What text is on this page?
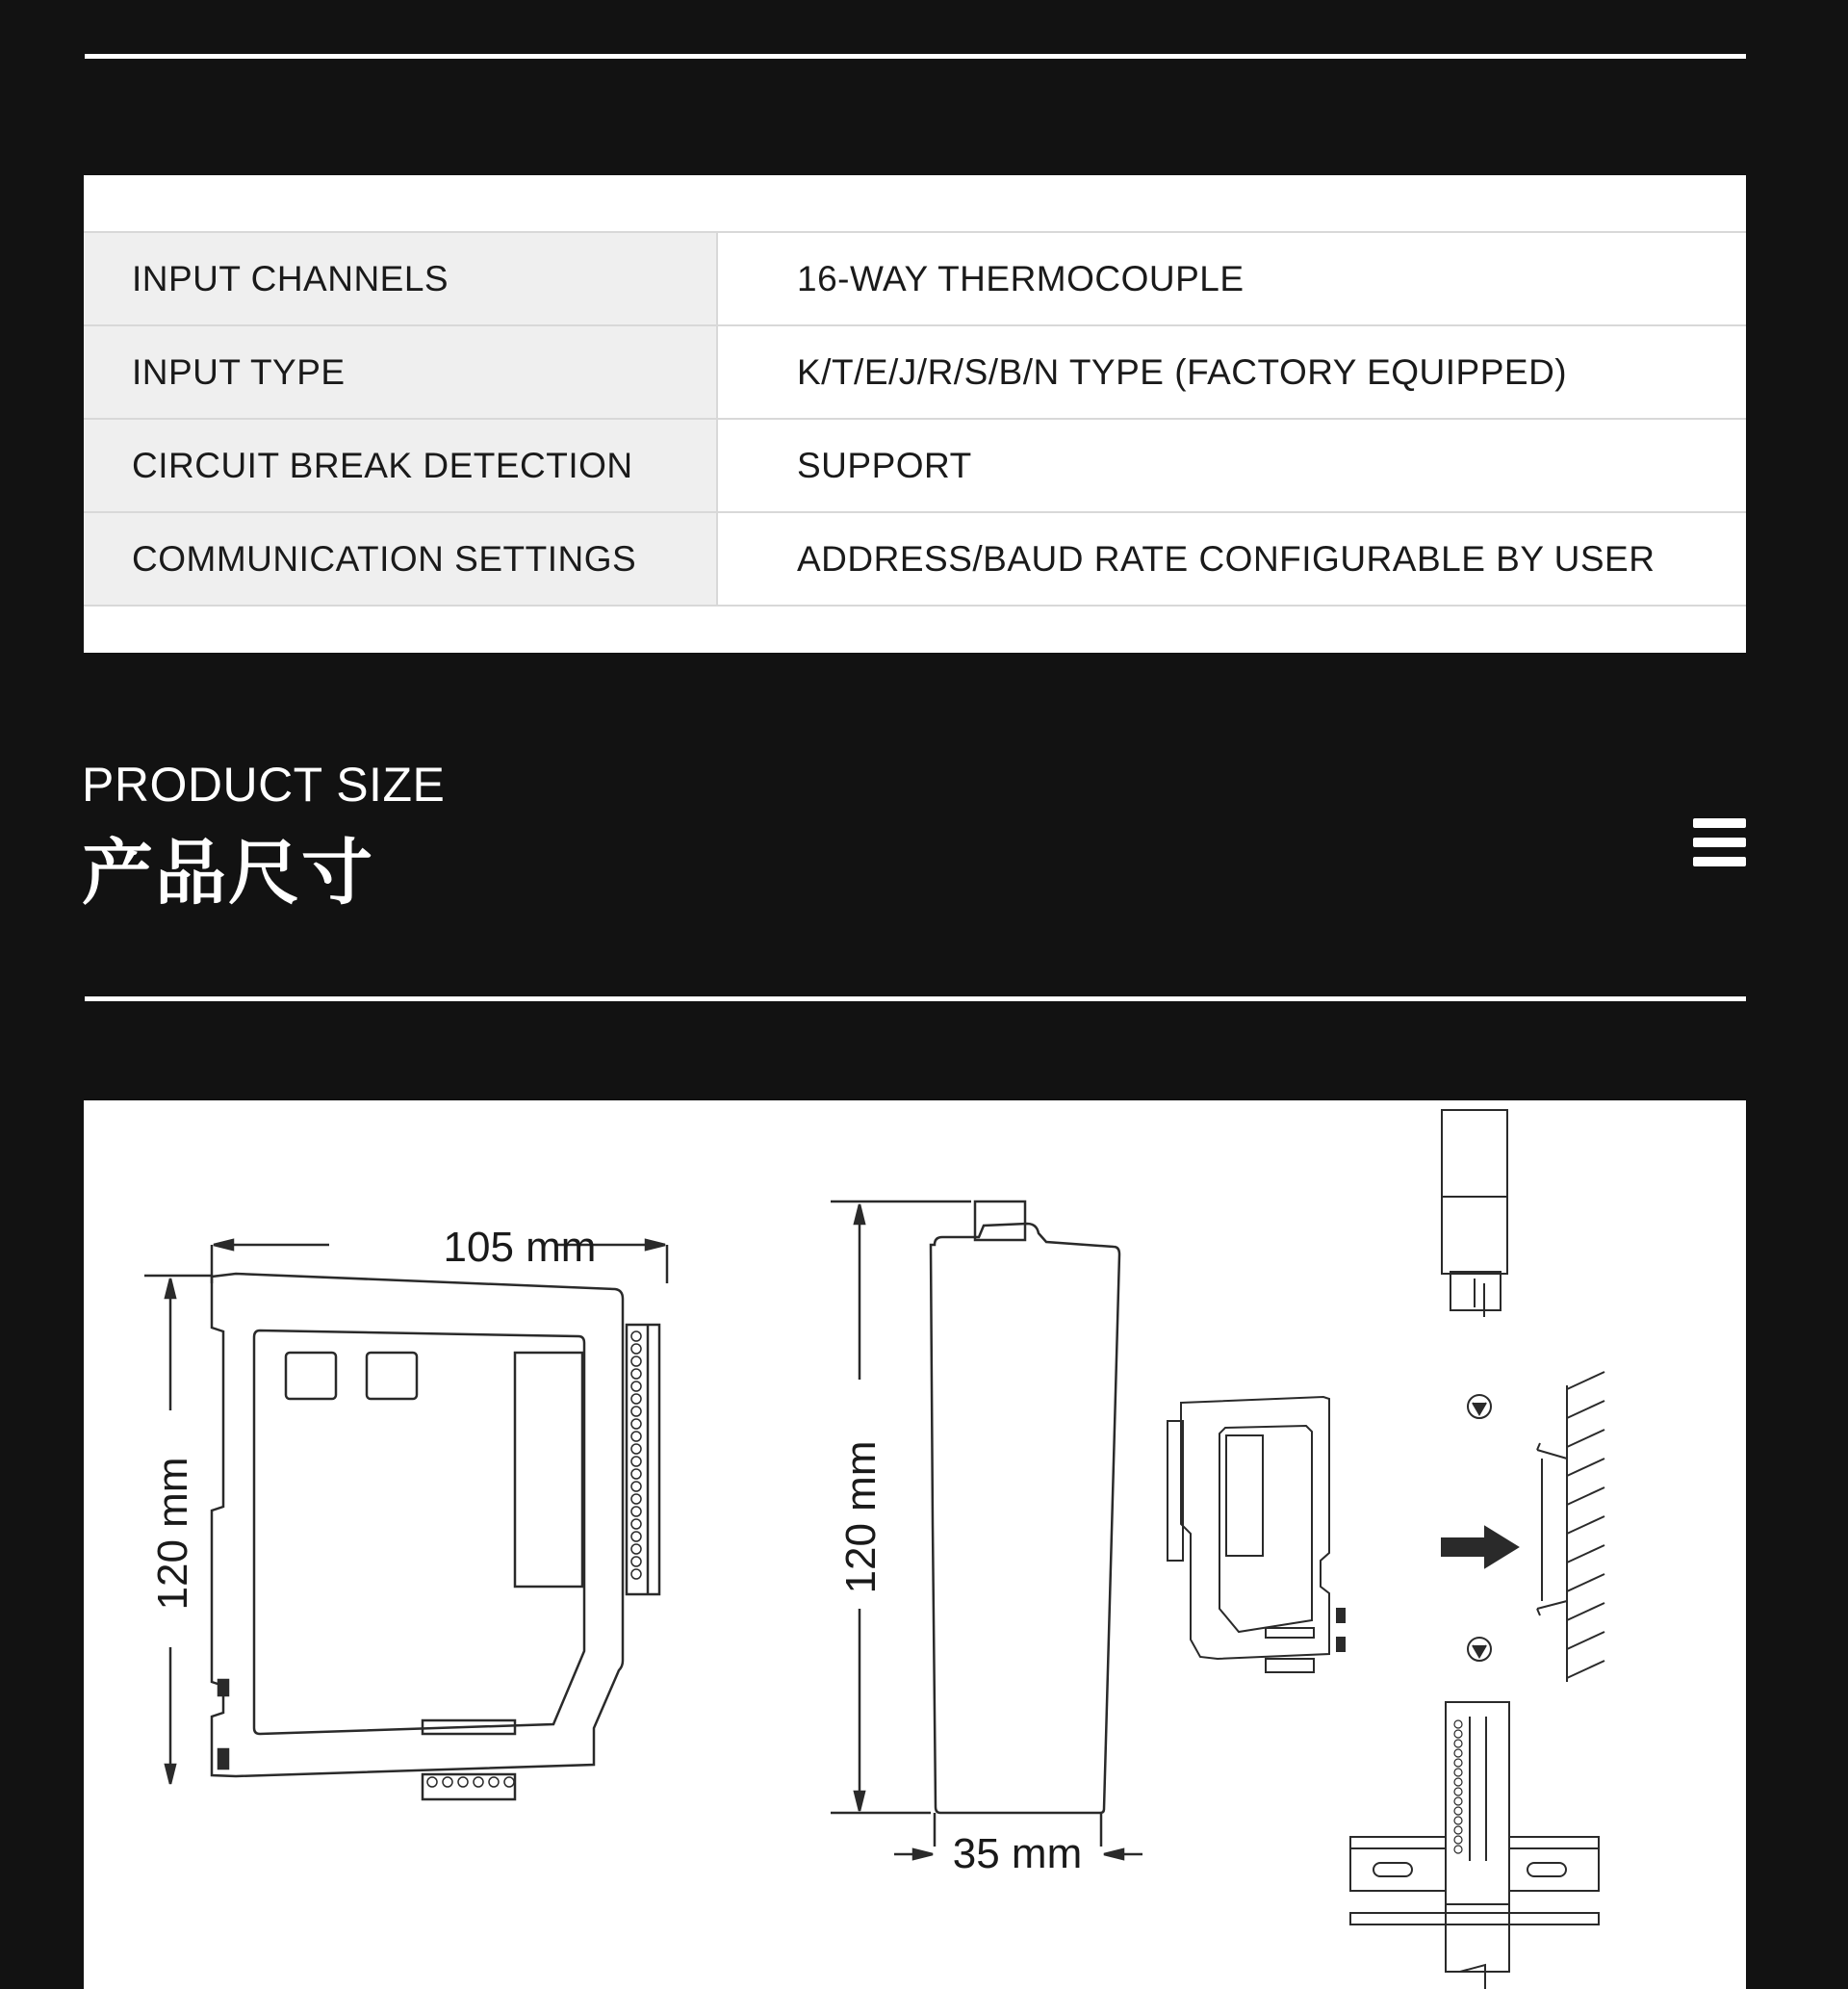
INPUT CHANNELS	16-WAY THERMOCOUPLE
INPUT TYPE	K/T/E/J/R/S/B/N TYPE (FACTORY EQUIPPED)
CIRCUIT BREAK DETECTION	SUPPORT
COMMUNICATION SETTINGS	ADDRESS/BAUD RATE CONFIGURABLE BY USER
PRODUCT SIZE
产品尺寸
105 mm
120 mm	120 mm
35 mm
